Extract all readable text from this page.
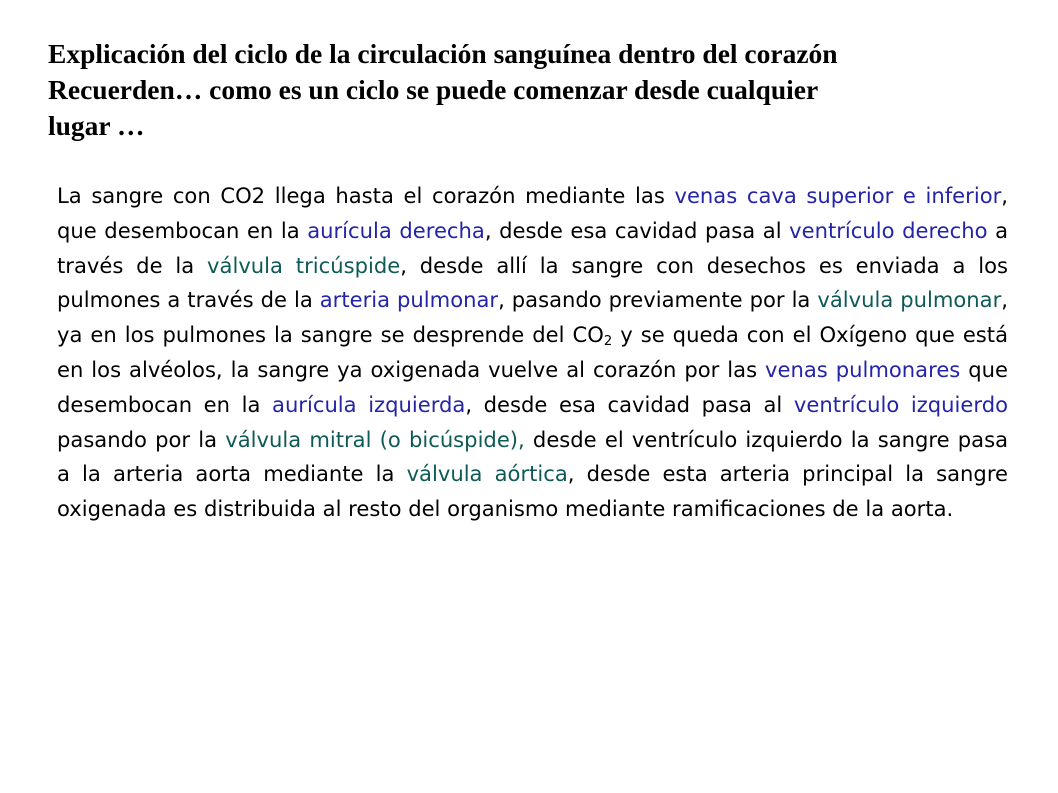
Explicación del ciclo de la circulación sanguínea dentro del corazón
Recuerden… como es un ciclo se puede comenzar desde cualquier
lugar …

La sangre con CO2 llega hasta el corazón mediante las venas cava superior e inferior, que desembocan en la aurícula derecha, desde esa cavidad pasa al ventrículo derecho a través de la válvula tricúspide, desde allí la sangre con desechos es enviada a los pulmones a través de la arteria pulmonar, pasando previamente por la válvula pulmonar, ya en los pulmones la sangre se desprende del $CO_2$ y se queda con el Oxígeno que está en los alvéolos, la sangre ya oxigenada vuelve al corazón por las venas pulmonares que desembocan en la aurícula izquierda, desde esa cavidad pasa al ventrículo izquierdo pasando por la válvula mitral (o bicúspide), desde el ventrículo izquierdo la sangre pasa a la arteria aorta mediante la válvula aórtica, desde esta arteria principal la sangre oxigenada es distribuida al resto del organismo mediante ramificaciones de la aorta.
